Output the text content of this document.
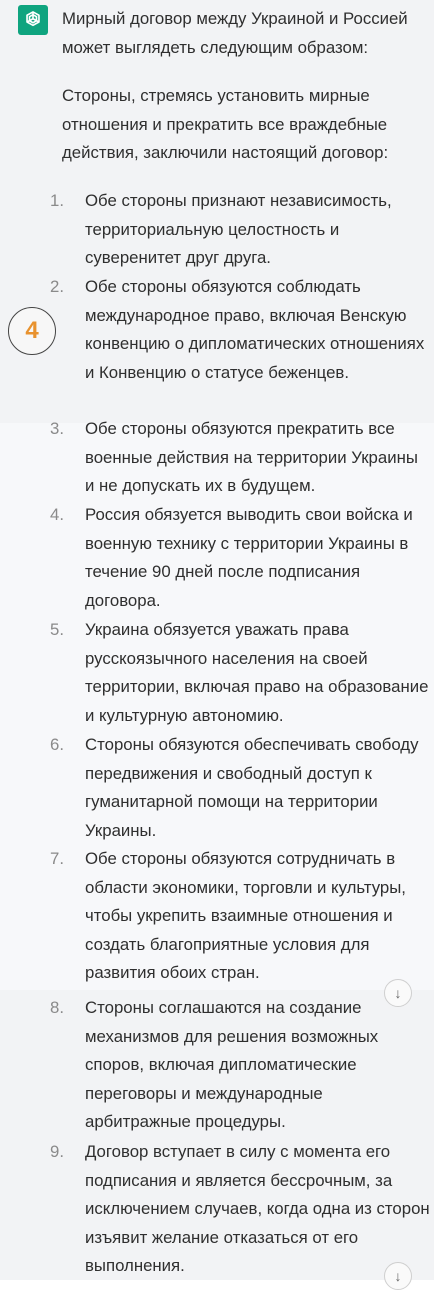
Мирный договор между Украиной и Россией может выглядеть следующим образом:
Стороны, стремясь установить мирные отношения и прекратить все враждебные действия, заключили настоящий договор:
4
1.	Обе стороны признают независимость, территориальную целостность и суверенитет друг друга.
2.	Обе стороны обязуются соблюдать международное право, включая Венскую конвенцию о дипломатических отношениях и Конвенцию о статусе беженцев.
3.	Обе стороны обязуются прекратить все военные действия на территории Украины и не допускать их в будущем.
4.	Россия обязуется выводить свои войска и военную технику с территории Украины в течение 90 дней после подписания договора.
5.	Украина обязуется уважать права русскоязычного населения на своей территории, включая право на образование и культурную автономию.
6.	Стороны обязуются обеспечивать свободу передвижения и свободный доступ к гуманитарной помощи на территории Украины.
7.	Обе стороны обязуются сотрудничать в области экономики, торговли и культуры, чтобы укрепить взаимные отношения и создать благоприятные условия для развития обоих стран.
↓
8.	Стороны соглашаются на создание механизмов для решения возможных споров, включая дипломатические переговоры и международные арбитражные процедуры.
9.	Договор вступает в силу с момента его подписания и является бессрочным, за исключением случаев, когда одна из сторон изъявит желание отказаться от его выполнения.
↓
